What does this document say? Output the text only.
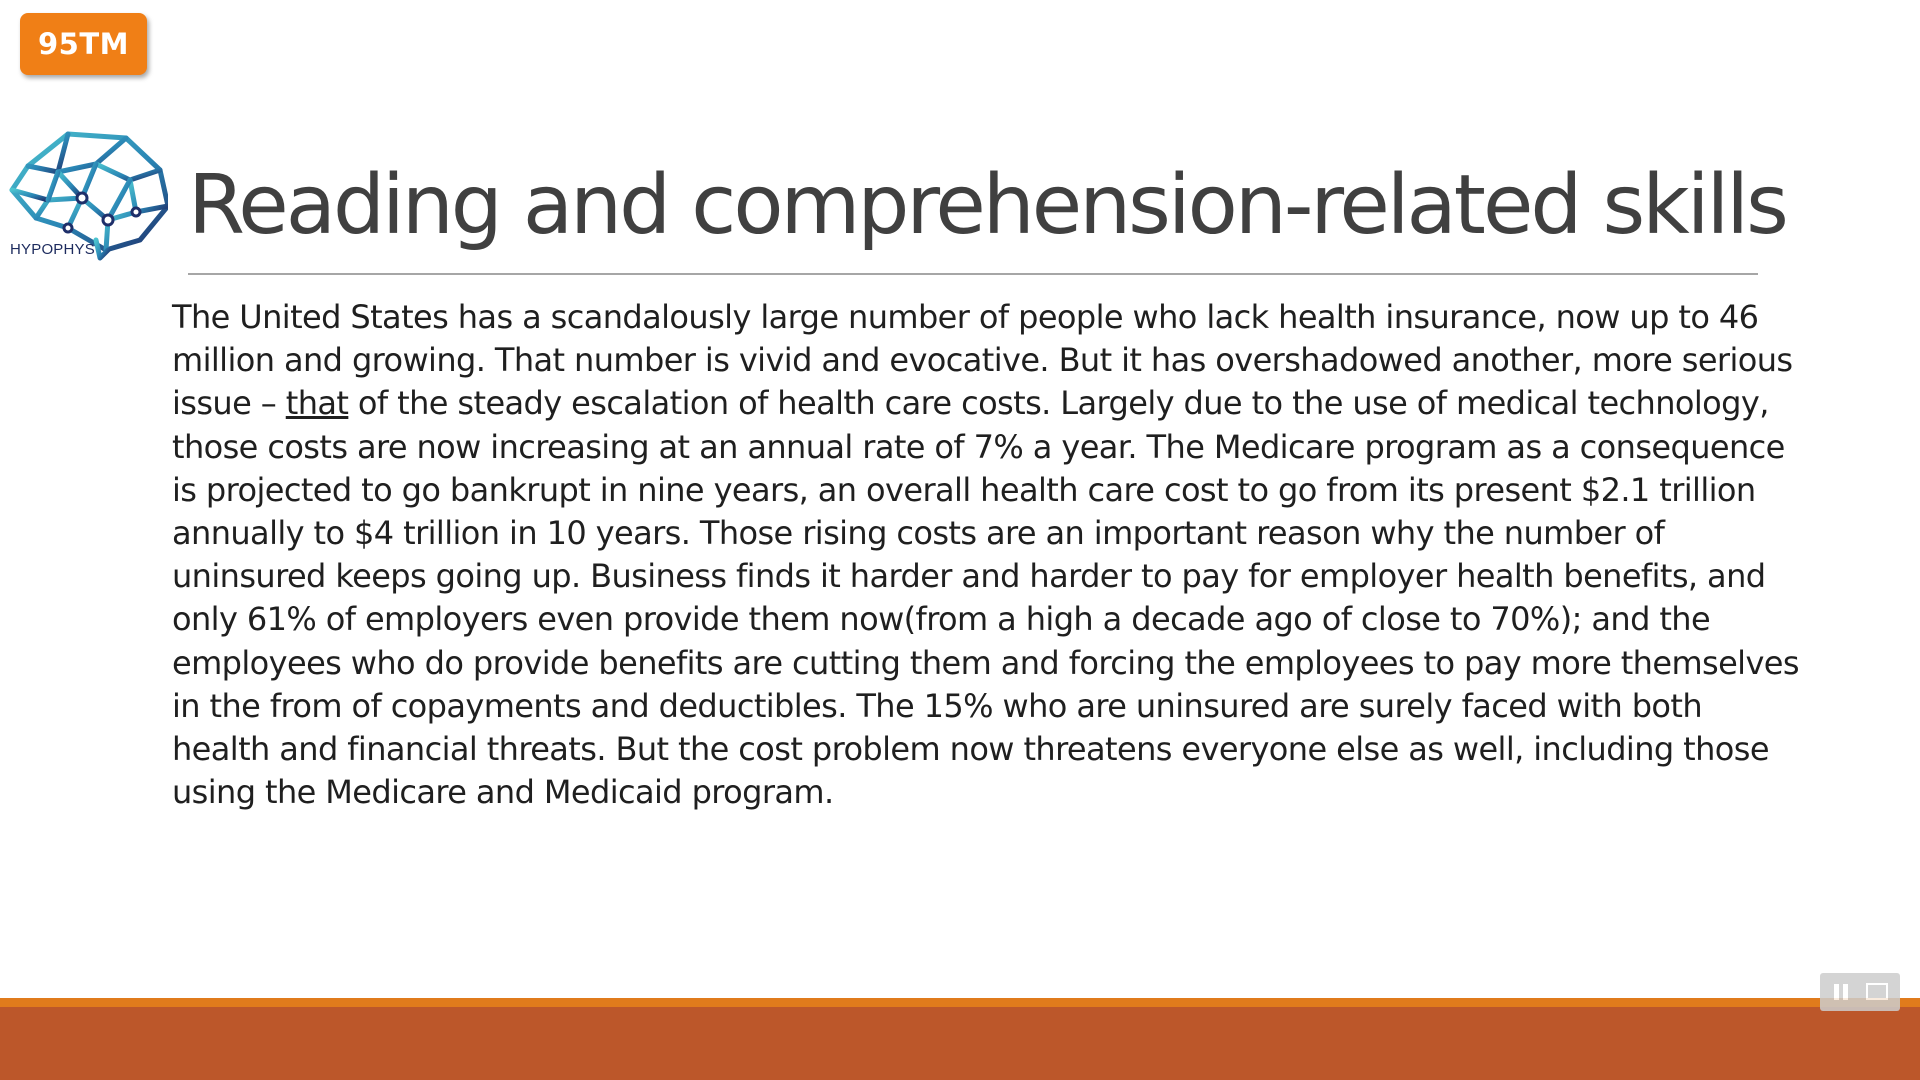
95TM
HYPOPHYS Reading and comprehension-related skills

The United States has a scandalously large number of people who lack health insurance, now up to 46 million and growing. That number is vivid and evocative. But it has overshadowed another, more serious issue – that of the steady escalation of health care costs. Largely due to the use of medical technology, those costs are now increasing at an annual rate of 7% a year. The Medicare program as a consequence is projected to go bankrupt in nine years, an overall health care cost to go from its present $2.1 trillion annually to $4 trillion in 10 years. Those rising costs are an important reason why the number of uninsured keeps going up. Business finds it harder and harder to pay for employer health benefits, and only 61% of employers even provide them now(from a high a decade ago of close to 70%); and the employees who do provide benefits are cutting them and forcing the employees to pay more themselves in the from of copayments and deductibles. The 15% who are uninsured are surely faced with both health and financial threats. But the cost problem now threatens everyone else as well, including those using the Medicare and Medicaid program.
